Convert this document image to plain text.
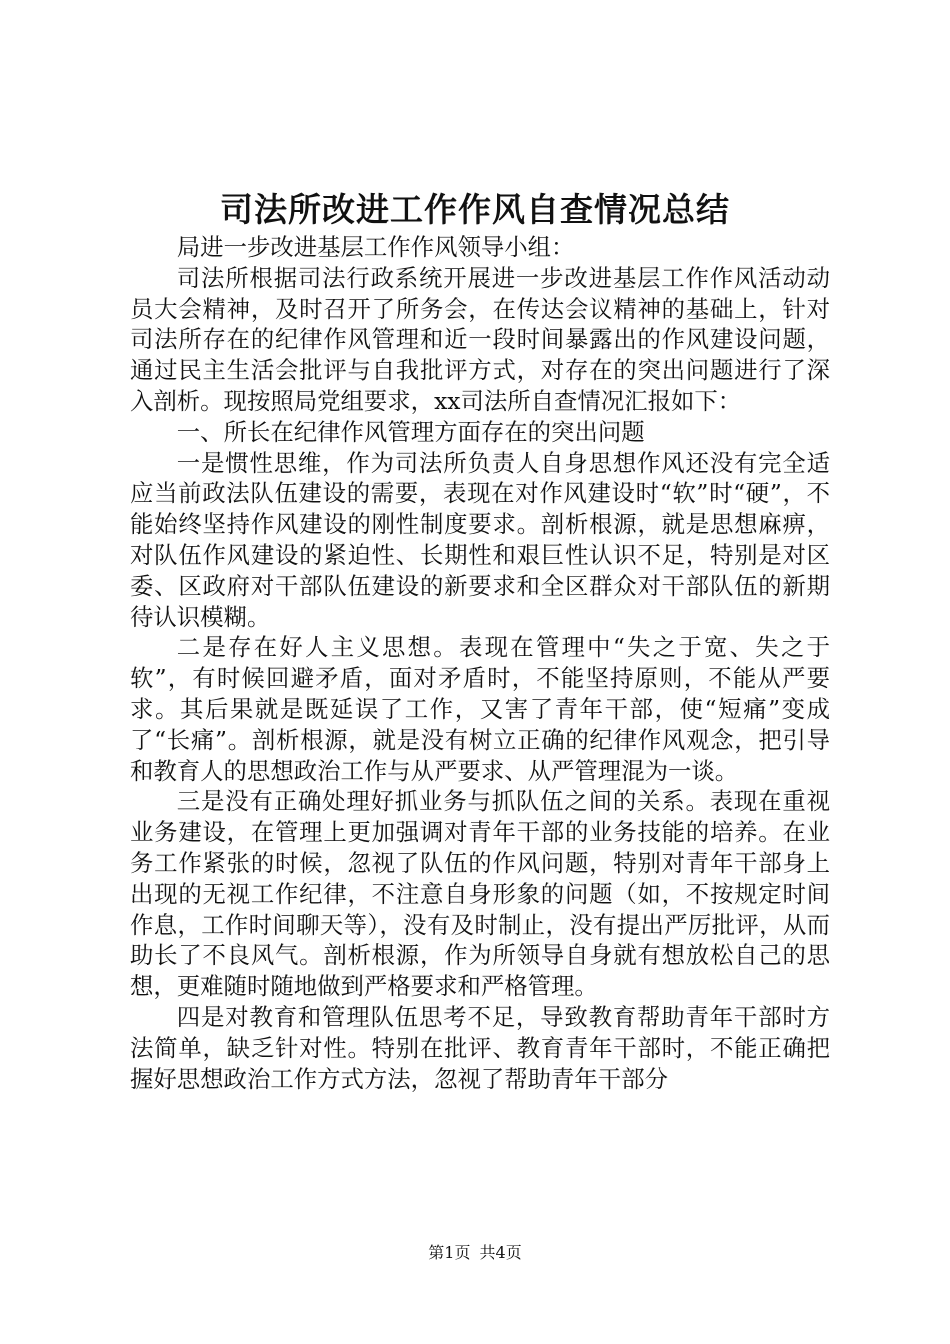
司法所改进工作作风自查情况总结

局进一步改进基层工作作风领导小组：

司法所根据司法行政系统开展进一步改进基层工作作风活动动员大会精神，及时召开了所务会，在传达会议精神的基础上，针对司法所存在的纪律作风管理和近一段时间暴露出的作风建设问题，通过民主生活会批评与自我批评方式，对存在的突出问题进行了深入剖析。现按照局党组要求，xx司法所自查情况汇报如下：

一、所长在纪律作风管理方面存在的突出问题

一是惯性思维，作为司法所负责人自身思想作风还没有完全适应当前政法队伍建设的需要，表现在对作风建设时“软”时“硬”，不能始终坚持作风建设的刚性制度要求。剖析根源，就是思想麻痹，对队伍作风建设的紧迫性、长期性和艰巨性认识不足，特别是对区委、区政府对干部队伍建设的新要求和全区群众对干部队伍的新期待认识模糊。

二是存在好人主义思想。表现在管理中“失之于宽、失之于软”，有时候回避矛盾，面对矛盾时，不能坚持原则，不能从严要求。其后果就是既延误了工作，又害了青年干部，使“短痛”变成了“长痛”。剖析根源，就是没有树立正确的纪律作风观念，把引导和教育人的思想政治工作与从严要求、从严管理混为一谈。

三是没有正确处理好抓业务与抓队伍之间的关系。表现在重视业务建设，在管理上更加强调对青年干部的业务技能的培养。在业务工作紧张的时候，忽视了队伍的作风问题，特别对青年干部身上出现的无视工作纪律，不注意自身形象的问题（如，不按规定时间作息，工作时间聊天等），没有及时制止，没有提出严厉批评，从而助长了不良风气。剖析根源，作为所领导自身就有想放松自己的思想，更难随时随地做到严格要求和严格管理。

四是对教育和管理队伍思考不足，导致教育帮助青年干部时方法简单，缺乏针对性。特别在批评、教育青年干部时，不能正确把握好思想政治工作方式方法，忽视了帮助青年干部分

第1页 共4页
